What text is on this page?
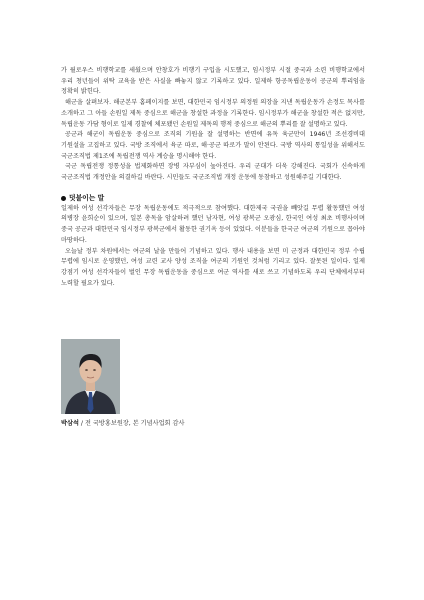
가 윌로우스 비행학교를 세웠으며 안창호가 비행기 구입을 시도했고, 임시정부 시절 중국과 소련 비행학교에서 우리 청년들이 위탁 교육을 받은 사실을 빠놓지 않고 기록하고 있다. 일제하 항공독립운동이 공군의 뿌리임을 정확히 밝힌다.

해군을 살펴보자. 해군본부 홈페이지를 보면, 대한민국 임시정부 의정원 의장을 지낸 독립운동가 손정도 목사를 소개하고 그 아들 손원일 제독 중심으로 해군을 창설한 과정을 기록한다. 임시정부가 해군을 창설한 적은 없지만, 독립운동 가담 형이로 일제 경찰에 체포됐던 손원일 제독의 행적 중심으로 해군의 뿌리를 잘 설명하고 있다.

공군과 해군이 독립운동 중심으로 조직의 기원을 잘 설명하는 반면에 유독 육군만이 1946년 조선경비대 기원설을 고집하고 있다. 국방 조직에서 육군 따로, 해·공군 따로가 말이 안된다. 국방 역사의 통일성을 위해서도 국군조직법 제1조에 독립전쟁 역사 계승을 명시해야 한다.

국군 독립전쟁 정통성을 법제화하면 장병 자부심이 높아진다. 우리 군대가 더욱 강해진다. 국회가 신속하게 국군조직법 개정안을 의결하길 바란다. 시민들도 국군조직법 개정 운동에 동참하고 성원해주길 기대한다.

덧붙이는 말

일제하 여성 선각자들은 무장 독립운동에도 적극적으로 참여했다. 대한제국 국권을 빼앗길 무렵 활동했던 여성 의병장 윤희순이 있으며, 일본 총독을 암살하려 했던 남자현, 여성 광복군 오광심, 한국인 여성 최초 비행사이며 중국 공군과 대한민국 임시정부 광복군에서 활동한 권기옥 등이 있었다. 이분들을 한국군 여군의 기원으로 꼽아야 마땅하다.

오늘날 정부 차원에서는 여군의 날을 만들어 기념하고 있다. 행사 내용을 보면 미 군정과 대한민국 정부 수립 무렵에 임시로 운영했던, 여성 교련 교사 양성 조직을 여군의 기원인 것처럼 기리고 있다. 잘못된 일이다. 일제 강점기 여성 선각자들이 벌인 무장 독립운동을 중심으로 여군 역사를 새로 쓰고 기념하도록 우리 단체에서부터 노력할 필요가 있다.

박삼석 / 전 국방홍보원장, 본 기념사업회 감사
